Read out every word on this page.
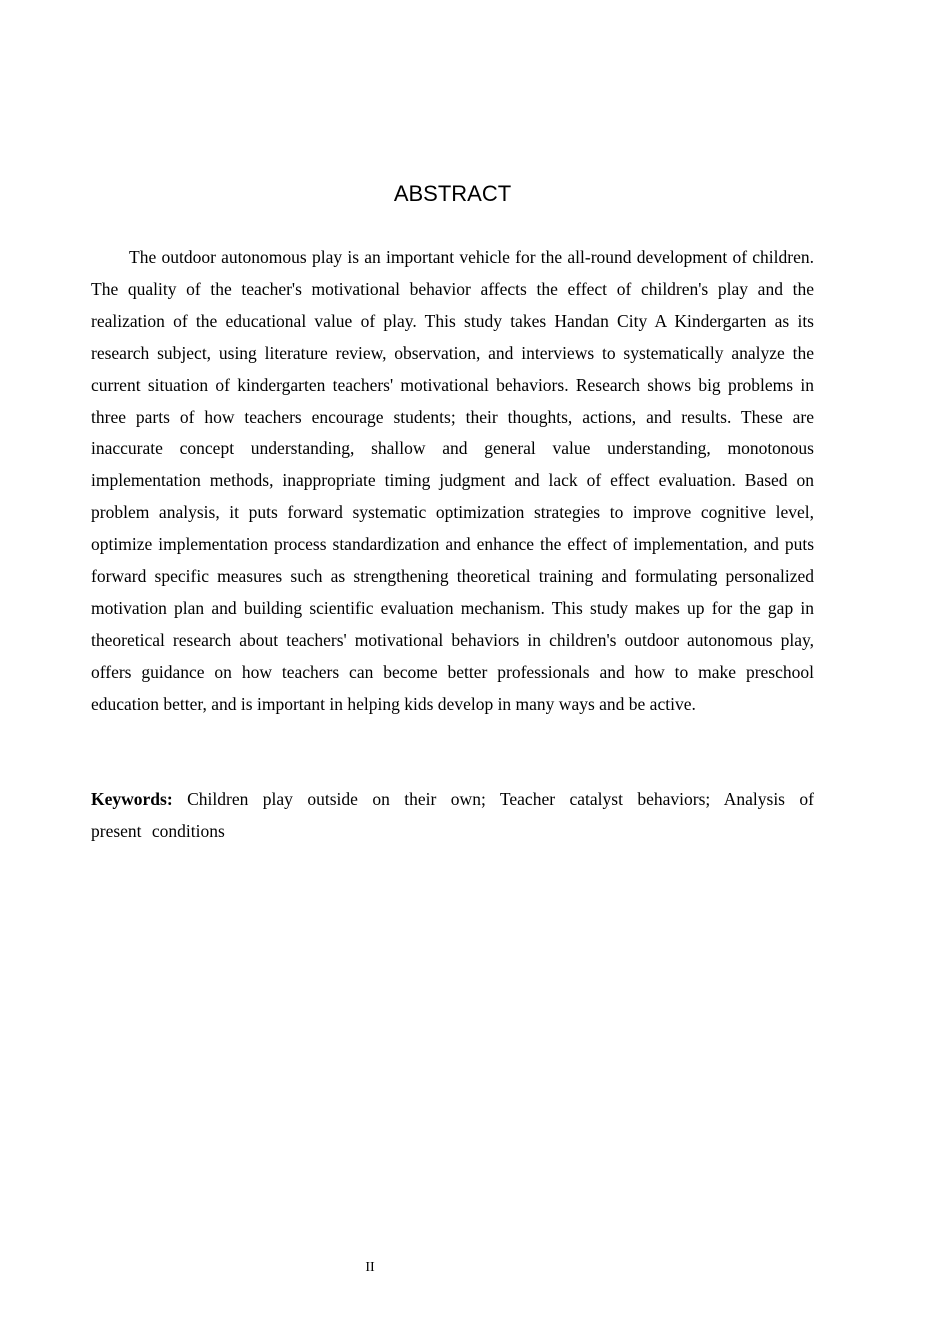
ABSTRACT

The outdoor autonomous play is an important vehicle for the all-round development of children. The quality of the teacher's motivational behavior affects the effect of children's play and the realization of the educational value of play. This study takes Handan City A Kindergarten as its research subject, using literature review, observation, and interviews to systematically analyze the current situation of kindergarten teachers' motivational behaviors. Research shows big problems in three parts of how teachers encourage students; their thoughts, actions, and results. These are inaccurate concept understanding, shallow and general value understanding, monotonous implementation methods, inappropriate timing judgment and lack of effect evaluation. Based on problem analysis, it puts forward systematic optimization strategies to improve cognitive level, optimize implementation process standardization and enhance the effect of implementation, and puts forward specific measures such as strengthening theoretical training and formulating personalized motivation plan and building scientific evaluation mechanism. This study makes up for the gap in theoretical research about teachers' motivational behaviors in children's outdoor autonomous play, offers guidance on how teachers can become better professionals and how to make preschool education better, and is important in helping kids develop in many ways and be active.

Keywords: Children play outside on their own; Teacher catalyst behaviors; Analysis of present conditions

II
